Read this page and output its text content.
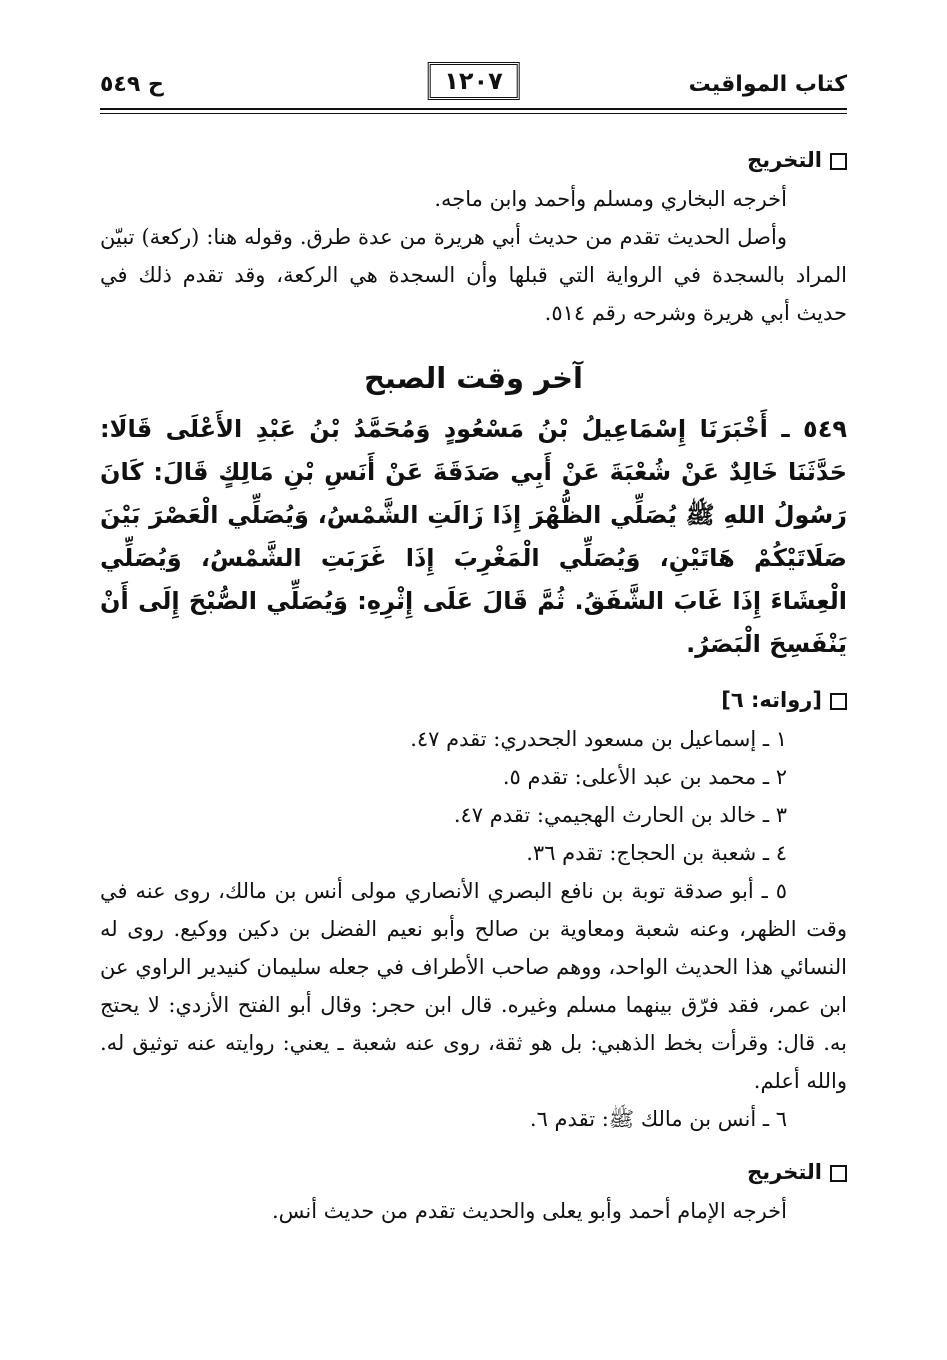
كتاب المواقيت
١٢٠٧
ح ٥٤٩
التخريج

أخرجه البخاري ومسلم وأحمد وابن ماجه.

وأصل الحديث تقدم من حديث أبي هريرة من عدة طرق. وقوله هنا: (ركعة) تبيّن المراد بالسجدة في الرواية التي قبلها وأن السجدة هي الركعة، وقد تقدم ذلك في حديث أبي هريرة وشرحه رقم ٥١٤.

آخر وقت الصبح

٥٤٩ ـ أَخْبَرَنَا إِسْمَاعِيلُ بْنُ مَسْعُودٍ وَمُحَمَّدُ بْنُ عَبْدِ الأَعْلَى قَالَا: حَدَّثَنَا خَالِدٌ عَنْ شُعْبَةَ عَنْ أَبِي صَدَقَةَ عَنْ أَنَسِ بْنِ مَالِكٍ قَالَ: كَانَ رَسُولُ اللهِ ﷺ يُصَلِّي الظُّهْرَ إِذَا زَالَتِ الشَّمْسُ، وَيُصَلِّي الْعَصْرَ بَيْنَ صَلَاتَيْكُمْ هَاتَيْنِ، وَيُصَلِّي الْمَغْرِبَ إِذَا غَرَبَتِ الشَّمْسُ، وَيُصَلِّي الْعِشَاءَ إِذَا غَابَ الشَّفَقُ. ثُمَّ قَالَ عَلَى إِثْرِهِ: وَيُصَلِّي الصُّبْحَ إِلَى أَنْ يَنْفَسِحَ الْبَصَرُ.

[رواته: ٦]

١ ـ إسماعيل بن مسعود الجحدري: تقدم ٤٧.

٢ ـ محمد بن عبد الأعلى: تقدم ٥.

٣ ـ خالد بن الحارث الهجيمي: تقدم ٤٧.

٤ ـ شعبة بن الحجاج: تقدم ٣٦.

٥ ـ أبو صدقة توبة بن نافع البصري الأنصاري مولى أنس بن مالك، روى عنه في وقت الظهر، وعنه شعبة ومعاوية بن صالح وأبو نعيم الفضل بن دكين ووكيع. روى له النسائي هذا الحديث الواحد، ووهم صاحب الأطراف في جعله سليمان كنيدير الراوي عن ابن عمر، فقد فرّق بينهما مسلم وغيره. قال ابن حجر: وقال أبو الفتح الأزدي: لا يحتج به. قال: وقرأت بخط الذهبي: بل هو ثقة، روى عنه شعبة ـ يعني: روايته عنه توثيق له. والله أعلم.

٦ ـ أنس بن مالك ﷺ: تقدم ٦.

التخريج

أخرجه الإمام أحمد وأبو يعلى والحديث تقدم من حديث أنس.
